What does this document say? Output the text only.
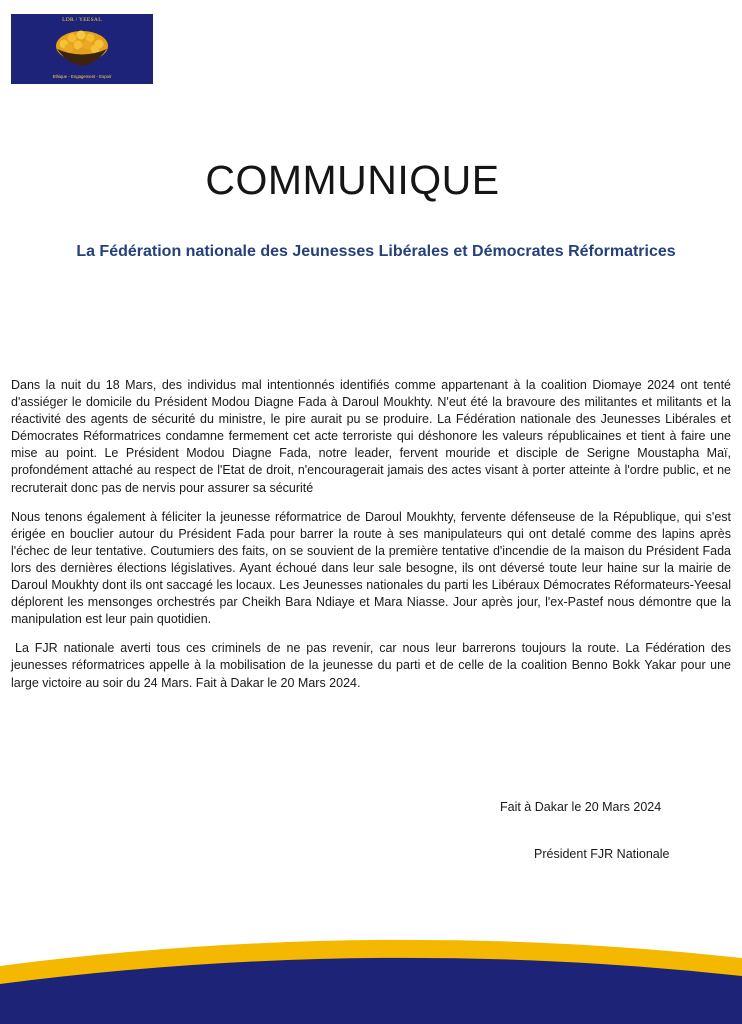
LDR / YEESAL
Ethique - Engagement - Espoir
COMMUNIQUE
La Fédération nationale des Jeunesses Libérales et Démocrates Réformatrices

Dans la nuit du 18 Mars, des individus mal intentionnés identifiés comme appartenant à la coalition Diomaye 2024 ont tenté d'assiéger le domicile du Président Modou Diagne Fada à Daroul Moukhty. N'eut été la bravoure des militantes et militants et la réactivité des agents de sécurité du ministre, le pire aurait pu se produire. La Fédération nationale des Jeunesses Libérales et Démocrates Réformatrices condamne fermement cet acte terroriste qui déshonore les valeurs républicaines et tient à faire une mise au point. Le Président Modou Diagne Fada, notre leader, fervent mouride et disciple de Serigne Moustapha Maï, profondément attaché au respect de l'Etat de droit, n'encouragerait jamais des actes visant à porter atteinte à l'ordre public, et ne recruterait donc pas de nervis pour assurer sa sécurité

Nous tenons également à féliciter la jeunesse réformatrice de Daroul Moukhty, fervente défenseuse de la République, qui s'est érigée en bouclier autour du Président Fada pour barrer la route à ses manipulateurs qui ont detalé comme des lapins après l'échec de leur tentative. Coutumiers des faits, on se souvient de la première tentative d'incendie de la maison du Président Fada lors des dernières élections législatives. Ayant échoué dans leur sale besogne, ils ont déversé toute leur haine sur la mairie de Daroul Moukhty dont ils ont saccagé les locaux. Les Jeunesses nationales du parti les Libéraux Démocrates Réformateurs-Yeesal déplorent les mensonges orchestrés par Cheikh Bara Ndiaye et Mara Niasse. Jour après jour, l'ex-Pastef nous démontre que la manipulation est leur pain quotidien.

La FJR nationale averti tous ces criminels de ne pas revenir, car nous leur barrerons toujours la route. La Fédération des jeunesses réformatrices appelle à la mobilisation de la jeunesse du parti et de celle de la coalition Benno Bokk Yakar pour une large victoire au soir du 24 Mars. Fait à Dakar le 20 Mars 2024.

Fait à Dakar le 20 Mars 2024
Président FJR Nationale
